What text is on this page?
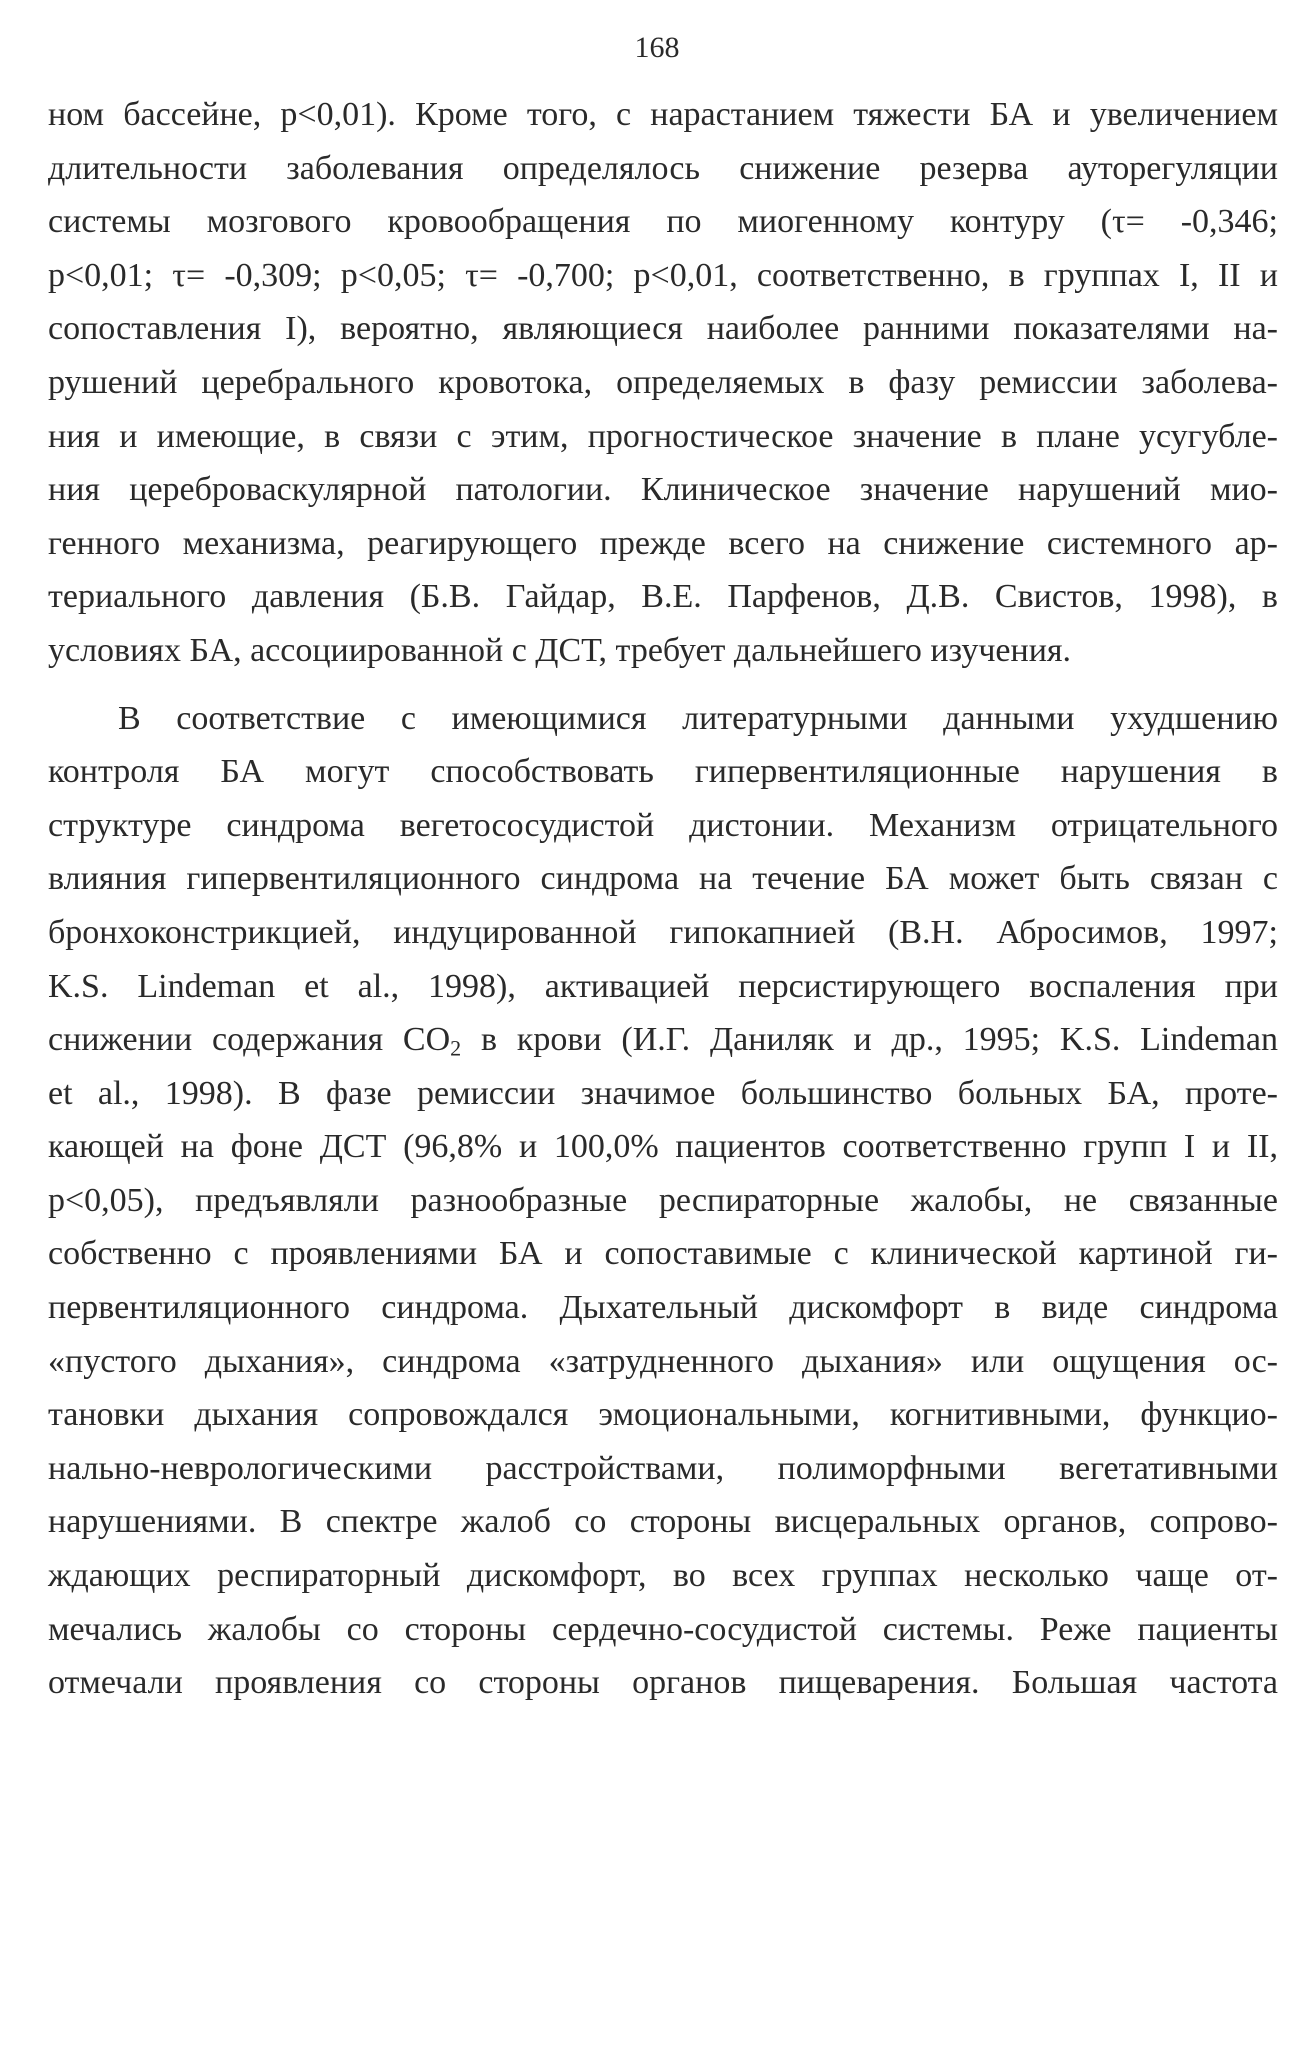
168

ном бассейне, p<0,01). Кроме того, с нарастанием тяжести БА и увеличением
длительности заболевания определялось снижение резерва ауторегуляции
системы мозгового кровообращения по миогенному контуру (τ= -0,346;
p<0,01; τ= -0,309; p<0,05; τ= -0,700; p<0,01, соответственно, в группах I, II и
сопоставления I), вероятно, являющиеся наиболее ранними показателями на-
рушений церебрального кровотока, определяемых в фазу ремиссии заболева-
ния и имеющие, в связи с этим, прогностическое значение в плане усугубле-
ния цереброваскулярной патологии. Клиническое значение нарушений мио-
генного механизма, реагирующего прежде всего на снижение системного ар-
териального давления (Б.В. Гайдар, В.Е. Парфенов, Д.В. Свистов, 1998), в
условиях БА, ассоциированной с ДСТ, требует дальнейшего изучения.

В соответствие с имеющимися литературными данными ухудшению
контроля БА могут способствовать гипервентиляционные нарушения в
структуре синдрома вегетососудистой дистонии. Механизм отрицательного
влияния гипервентиляционного синдрома на течение БА может быть связан с
бронхоконстрикцией, индуцированной гипокапнией (В.Н. Абросимов, 1997;
K.S. Lindeman et al., 1998), активацией персистирующего воспаления при
снижении содержания $CO_2$ в крови (И.Г. Даниляк и др., 1995; K.S. Lindeman
et al., 1998). В фазе ремиссии значимое большинство больных БА, проте-
кающей на фоне ДСТ (96,8% и 100,0% пациентов соответственно групп I и II,
p<0,05), предъявляли разнообразные респираторные жалобы, не связанные
собственно с проявлениями БА и сопоставимые с клинической картиной ги-
первентиляционного синдрома. Дыхательный дискомфорт в виде синдрома
«пустого дыхания», синдрома «затрудненного дыхания» или ощущения ос-
тановки дыхания сопровождался эмоциональными, когнитивными, функцио-
нально-неврологическими расстройствами, полиморфными вегетативными
нарушениями. В спектре жалоб со стороны висцеральных органов, сопрово-
ждающих респираторный дискомфорт, во всех группах несколько чаще от-
мечались жалобы со стороны сердечно-сосудистой системы. Реже пациенты
отмечали проявления со стороны органов пищеварения. Большая частота
